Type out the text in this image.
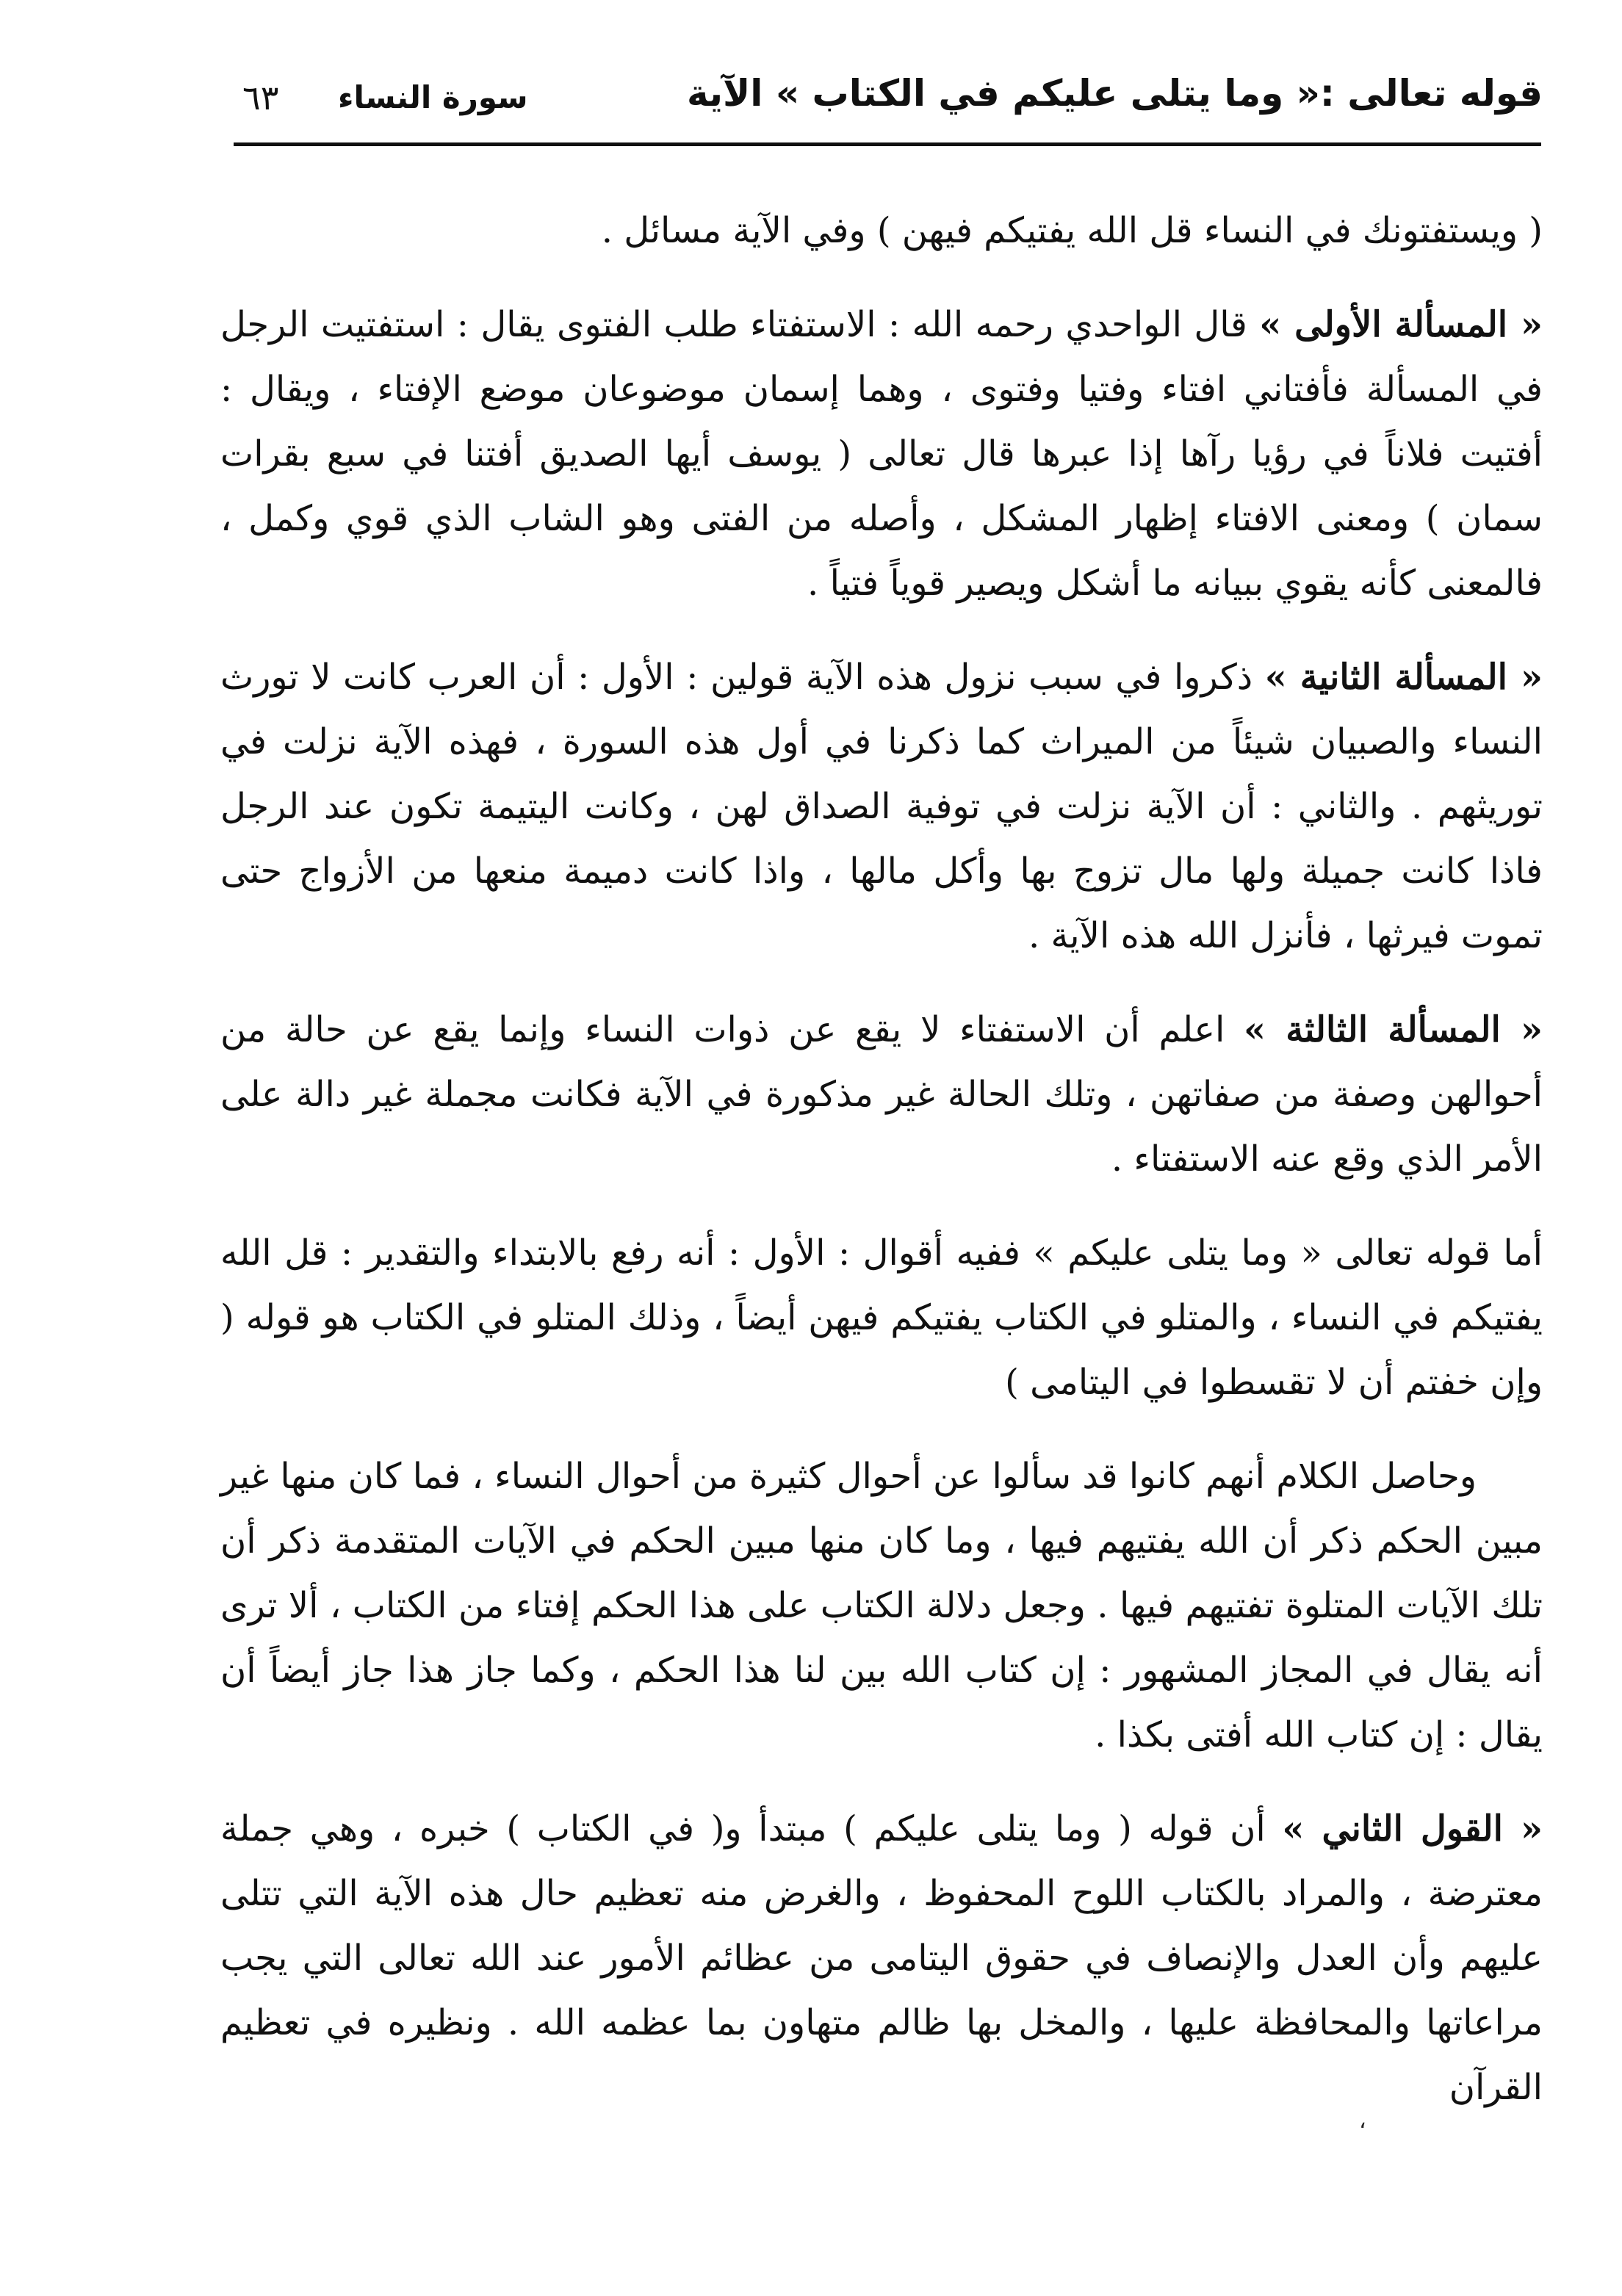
قوله تعالى :« وما يتلى عليكم في الكتاب » الآية
سورة النساء
٦٣

( ويستفتونك في النساء قل الله يفتيكم فيهن ) وفي الآية مسائل .

« المسألة الأولى » قال الواحدي رحمه الله : الاستفتاء طلب الفتوى يقال : استفتيت الرجل في المسألة فأفتاني افتاء وفتيا وفتوى ، وهما إسمان موضوعان موضع الإفتاء ، ويقال : أفتيت فلاناً في رؤيا رآها إذا عبرها قال تعالى ( يوسف أيها الصديق أفتنا في سبع بقرات سمان ) ومعنى الافتاء إظهار المشكل ، وأصله من الفتى وهو الشاب الذي قوي وكمل ، فالمعنى كأنه يقوي ببيانه ما أشكل ويصير قوياً فتياً .

« المسألة الثانية » ذكروا في سبب نزول هذه الآية قولين : الأول : أن العرب كانت لا تورث النساء والصبيان شيئاً من الميراث كما ذكرنا في أول هذه السورة ، فهذه الآية نزلت في توريثهم . والثاني : أن الآية نزلت في توفية الصداق لهن ، وكانت اليتيمة تكون عند الرجل فاذا كانت جميلة ولها مال تزوج بها وأكل مالها ، واذا كانت دميمة منعها من الأزواج حتى تموت فيرثها ، فأنزل الله هذه الآية .

« المسألة الثالثة » اعلم أن الاستفتاء لا يقع عن ذوات النساء وإنما يقع عن حالة من أحوالهن وصفة من صفاتهن ، وتلك الحالة غير مذكورة في الآية فكانت مجملة غير دالة على الأمر الذي وقع عنه الاستفتاء .

أما قوله تعالى « وما يتلى عليكم » ففيه أقوال : الأول : أنه رفع بالابتداء والتقدير : قل الله يفتيكم في النساء ، والمتلو في الكتاب يفتيكم فيهن أيضاً ، وذلك المتلو في الكتاب هو قوله ( وإن خفتم أن لا تقسطوا في اليتامى )

وحاصل الكلام أنهم كانوا قد سألوا عن أحوال كثيرة من أحوال النساء ، فما كان منها غير مبين الحكم ذكر أن الله يفتيهم فيها ، وما كان منها مبين الحكم في الآيات المتقدمة ذكر أن تلك الآيات المتلوة تفتيهم فيها . وجعل دلالة الكتاب على هذا الحكم إفتاء من الكتاب ، ألا ترى أنه يقال في المجاز المشهور : إن كتاب الله بين لنا هذا الحكم ، وكما جاز هذا جاز أيضاً أن يقال : إن كتاب الله أفتى بكذا .

« القول الثاني » أن قوله ( وما يتلى عليكم ) مبتدأ و( في الكتاب ) خبره ، وهي جملة معترضة ، والمراد بالكتاب اللوح المحفوظ ، والغرض منه تعظيم حال هذه الآية التي تتلى عليهم وأن العدل والإنصاف في حقوق اليتامى من عظائم الأمور عند الله تعالى التي يجب مراعاتها والمحافظة عليها ، والمخل بها ظالم متهاون بما عظمه الله . ونظيره في تعظيم القرآن

،
